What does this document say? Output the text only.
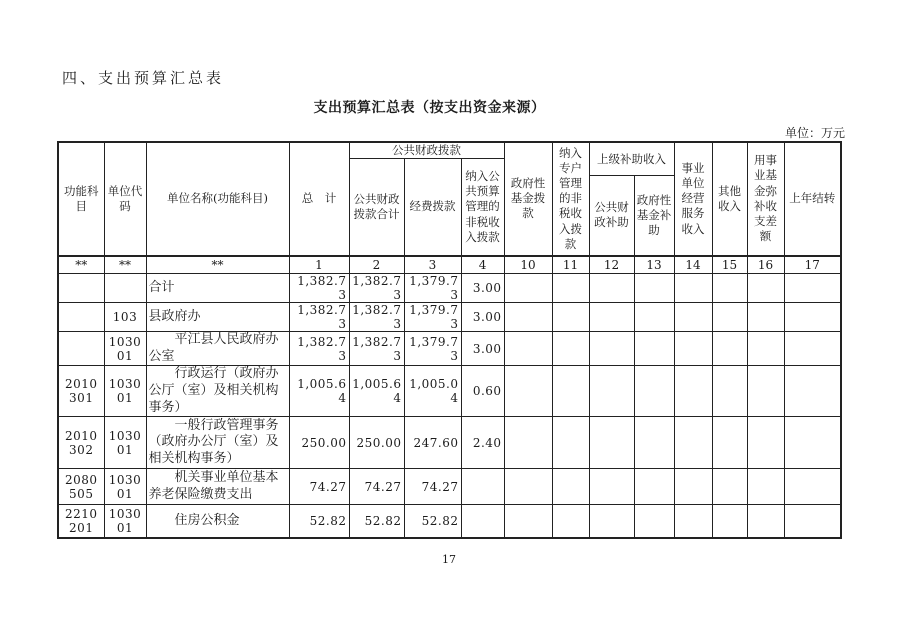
四、支出预算汇总表
支出预算汇总表（按支出资金来源）
单位：万元
功能科目	单位代码	单位名称(功能科目)	总　计	公共财政拨款			政府性基金拨款	纳入专户管理的非税收入拨款	上级补助收入		事业单位经营服务收入	其他收入	用事业基金弥补收支差额	上年结转
				公共财政拨款合计	经费拨款	纳入公共预算管理的非税收入拨款								
									公共财政补助	政府性基金补助				
**	**	**	1	2	3	4	10	11	12	13	14	15	16	17
		合计	1,382.73	1,382.73	1,379.73	3.00								
	103	县政府办	1,382.73	1,382.73	1,379.73	3.00								
	103001	平江县人民政府办公室	1,382.73	1,382.73	1,379.73	3.00								
2010301	103001	行政运行（政府办公厅（室）及相关机构事务）	1,005.64	1,005.64	1,005.04	0.60								
2010302	103001	一般行政管理事务（政府办公厅（室）及相关机构事务）	250.00	250.00	247.60	2.40								
2080505	103001	机关事业单位基本养老保险缴费支出	74.27	74.27	74.27									
2210201	103001	住房公积金	52.82	52.82	52.82									
17
